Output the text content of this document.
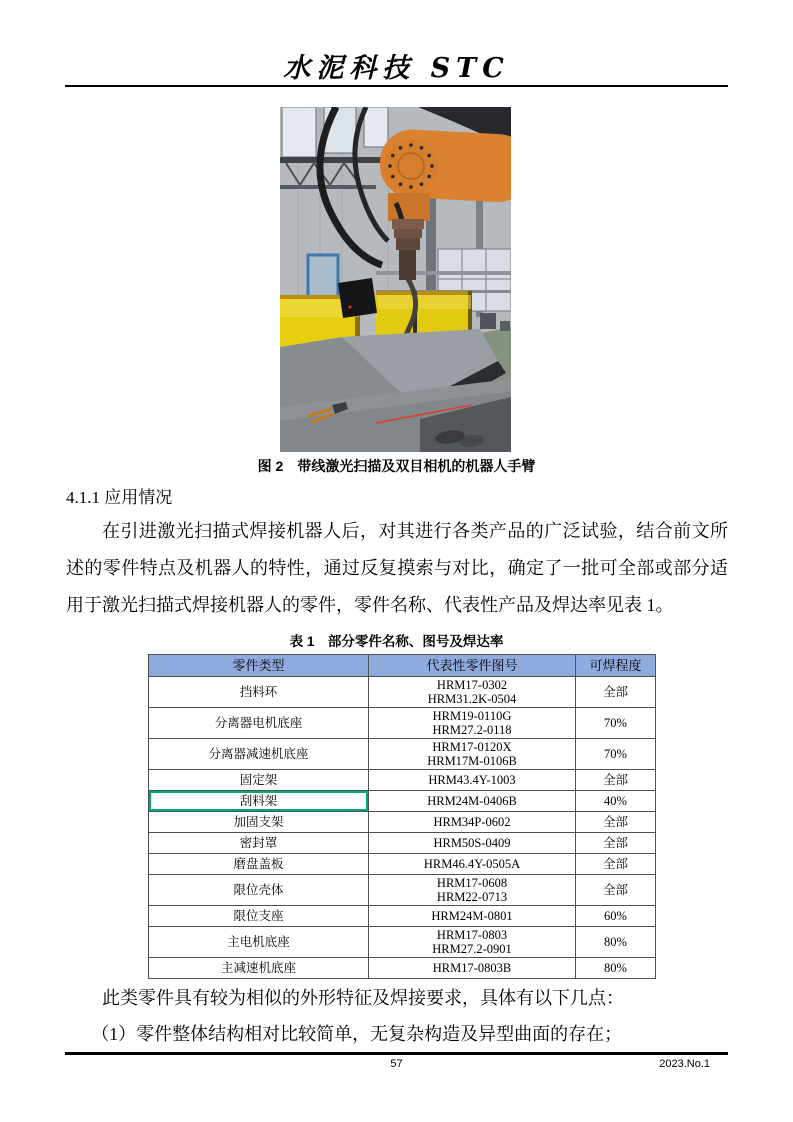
水泥科技 STC
图 2　带线激光扫描及双目相机的机器人手臂
4.1.1 应用情况
在引进激光扫描式焊接机器人后，对其进行各类产品的广泛试验，结合前文所述的零件特点及机器人的特性，通过反复摸索与对比，确定了一批可全部或部分适用于激光扫描式焊接机器人的零件，零件名称、代表性产品及焊达率见表 1。
表 1　部分零件名称、图号及焊达率
零件类型	代表性零件图号	可焊程度
挡料环	HRM17-0302
HRM31.2K-0504	全部
分离器电机底座	HRM19-0110G
HRM27.2-0118	70%
分离器减速机底座	HRM17-0120X
HRM17M-0106B	70%
固定架	HRM43.4Y-1003	全部
刮料架	HRM24M-0406B	40%
加固支架	HRM34P-0602	全部
密封罩	HRM50S-0409	全部
磨盘盖板	HRM46.4Y-0505A	全部
限位壳体	HRM17-0608
HRM22-0713	全部
限位支座	HRM24M-0801	60%
主电机底座	HRM17-0803
HRM27.2-0901	80%
主减速机底座	HRM17-0803B	80%
此类零件具有较为相似的外形特征及焊接要求，具体有以下几点：
（1）零件整体结构相对比较简单，无复杂构造及异型曲面的存在；
57	2023.No.1
